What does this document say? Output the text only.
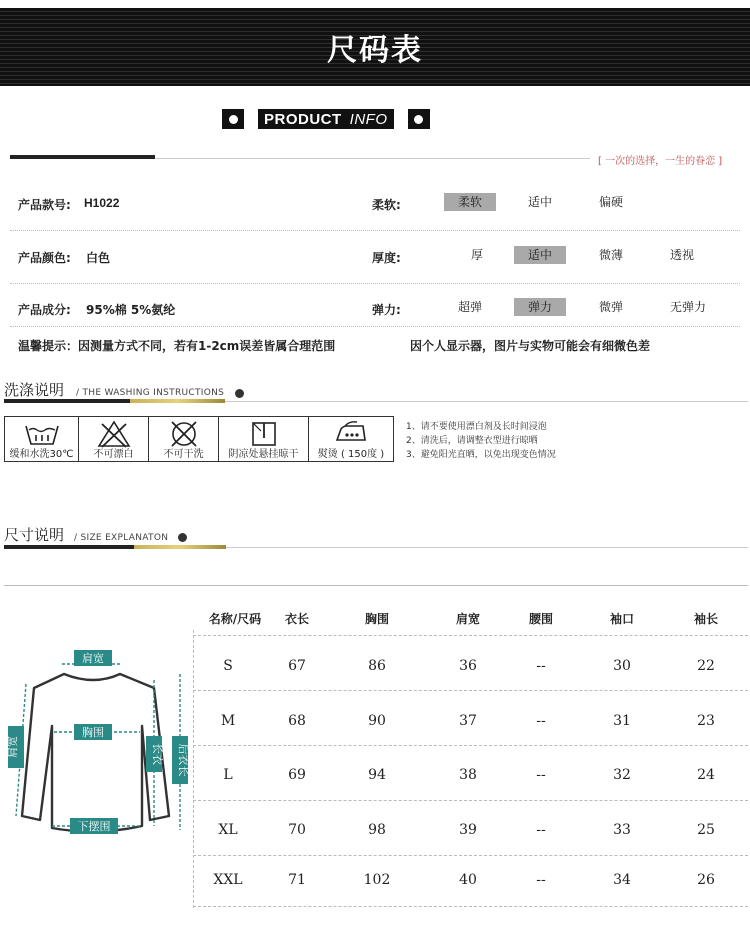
尺码表
PRODUCT INFO
[ 一次的选择，一生的眷恋 ]
产品款号: H1022	柔软:	柔软	适中	偏硬
产品颜色: 白色	厚度:	厚	适中	微薄	透视
产品成分: 95%棉 5%氨纶	弹力:	超弹	弹力	微弹	无弹力
温馨提示：因测量方式不同，若有1-2cm误差皆属合理范围	因个人显示器，图片与实物可能会有细微色差
洗涤说明 / THE WASHING INSTRUCTIONS
缓和水洗30℃	不可漂白	不可干洗	阴凉处悬挂晾干	熨烫 ( 150度 )
1、请不要使用漂白剂及长时间浸泡
2、清洗后，请调整衣型进行晾晒
3、避免阳光直晒，以免出现变色情况
尺寸说明 / SIZE EXPLANATON
肩宽
胸围
下摆围
肩宽	长衣 后衣长
名称/尺码	衣长	胸围	肩宽	腰围	袖口	袖长
S	67	86	36	--	30	22
M	68	90	37	--	31	23
L	69	94	38	--	32	24
XL	70	98	39	--	33	25
XXL	71	102	40	--	34	26
